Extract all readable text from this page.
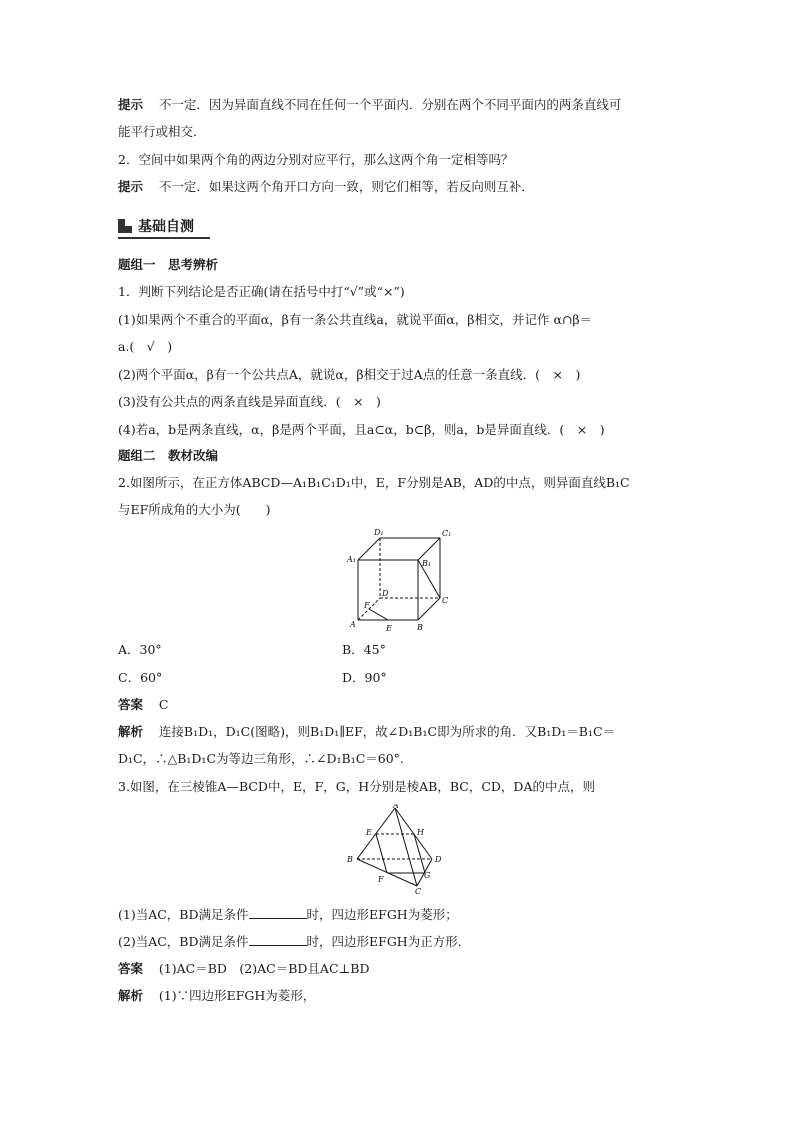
提示 不一定．因为异面直线不同在任何一个平面内．分别在两个不同平面内的两条直线可
能平行或相交．
2．空间中如果两个角的两边分别对应平行，那么这两个角一定相等吗？
提示 不一定．如果这两个角开口方向一致，则它们相等，若反向则互补．
基础自测
题组一　思考辨析
1．判断下列结论是否正确(请在括号中打“√”或“×”)
(1)如果两个不重合的平面α，β有一条公共直线a，就说平面α，β相交，并记作 α∩β＝
a.(　√　)
(2)两个平面α，β有一个公共点A，就说α，β相交于过A点的任意一条直线．(　×　)
(3)没有公共点的两条直线是异面直线．(　×　)
(4)若a，b是两条直线，α，β是两个平面，且a⊂α，b⊂β，则a，b是异面直线．(　×　)
题组二　教材改编
2.如图所示，在正方体ABCD—A₁B₁C₁D₁中，E，F分别是AB，AD的中点，则异面直线B₁C
与EF所成角的大小为(　　)
D₁	C₁
A₁	B₁
D
C
F
A	E	B
A．30°	B．45°
C．60°	D．90°
答案 C
解析 连接B₁D₁，D₁C(图略)，则B₁D₁∥EF，故∠D₁B₁C即为所求的角．又B₁D₁＝B₁C＝
D₁C，∴△B₁D₁C为等边三角形，∴∠D₁B₁C＝60°.
3.如图，在三棱锥A—BCD中，E，F，G，H分别是棱AB，BC，CD，DA的中点，则
A
E	H
B	D
F	G
C
(1)当AC，BD满足条件	时，四边形EFGH为菱形；
(2)当AC，BD满足条件	时，四边形EFGH为正方形．
答案 (1)AC＝BD　(2)AC＝BD且AC⊥BD
解析 (1)∵四边形EFGH为菱形，
